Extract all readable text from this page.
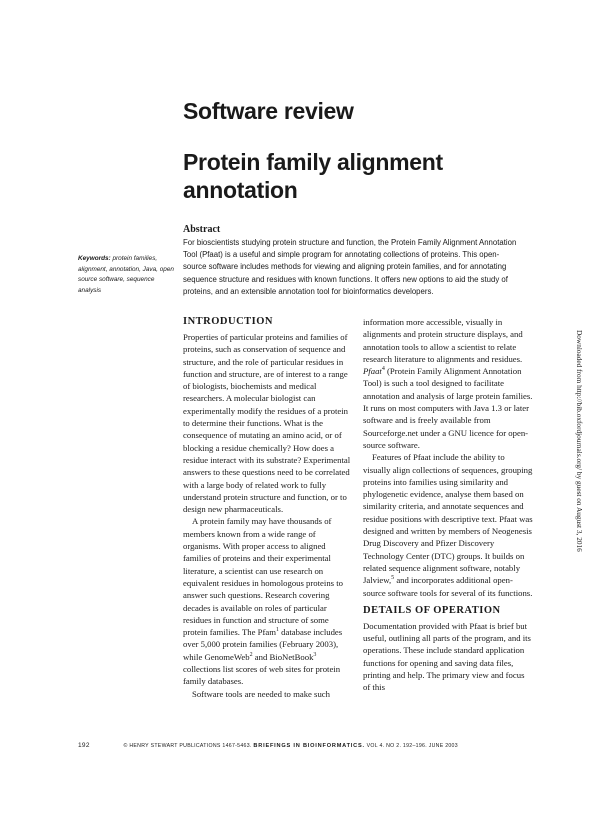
Software review
Protein family alignment
annotation
Abstract
For bioscientists studying protein structure and function, the Protein Family Alignment Annotation Tool (Pfaat) is a useful and simple program for annotating collections of proteins. This open-source software includes methods for viewing and aligning protein families, and for annotating sequence structure and residues with known functions. It offers new options to aid the study of proteins, and an extensible annotation tool for bioinformatics developers.
Keywords: protein families, alignment, annotation, Java, open source software, sequence analysis
INTRODUCTION

Properties of particular proteins and families of proteins, such as conservation of sequence and structure, and the role of particular residues in function and structure, are of interest to a range of biologists, biochemists and medical researchers. A molecular biologist can experimentally modify the residues of a protein to determine their functions. What is the consequence of mutating an amino acid, or of blocking a residue chemically? How does a residue interact with its substrate? Experimental answers to these questions need to be correlated with a large body of related work to fully understand protein structure and function, or to design new pharmaceuticals.

A protein family may have thousands of members known from a wide range of organisms. With proper access to aligned families of proteins and their experimental literature, a scientist can use research on equivalent residues in homologous proteins to answer such questions. Research covering decades is available on roles of particular residues in function and structure of some protein families. The Pfam$^1$ database includes over 5,000 protein families (February 2003), while GenomeWeb$^2$ and BioNetBook$^3$ collections list scores of web sites for protein family databases.

Software tools are needed to make such

information more accessible, visually in alignments and protein structure displays, and annotation tools to allow a scientist to relate research literature to alignments and residues. Pfaat$^4$ (Protein Family Alignment Annotation Tool) is such a tool designed to facilitate annotation and analysis of large protein families. It runs on most computers with Java 1.3 or later software and is freely available from Sourceforge.net under a GNU licence for open-source software.

Features of Pfaat include the ability to visually align collections of sequences, grouping proteins into families using similarity and phylogenetic evidence, analyse them based on similarity criteria, and annotate sequences and residue positions with descriptive text. Pfaat was designed and written by members of Neogenesis Drug Discovery and Pfizer Discovery Technology Center (DTC) groups. It builds on related sequence alignment software, notably Jalview,$^5$ and incorporates additional open-source software tools for several of its functions.

DETAILS OF OPERATION

Documentation provided with Pfaat is brief but useful, outlining all parts of the program, and its operations. These include standard application functions for opening and saving data files, printing and help. The primary view and focus of this

Downloaded from http://bib.oxfordjournals.org/ by guest on August 3, 2016
192	© HENRY STEWART PUBLICATIONS 1467-5463. BRIEFINGS IN BIOINFORMATICS. VOL 4. NO 2. 192–196. JUNE 2003
